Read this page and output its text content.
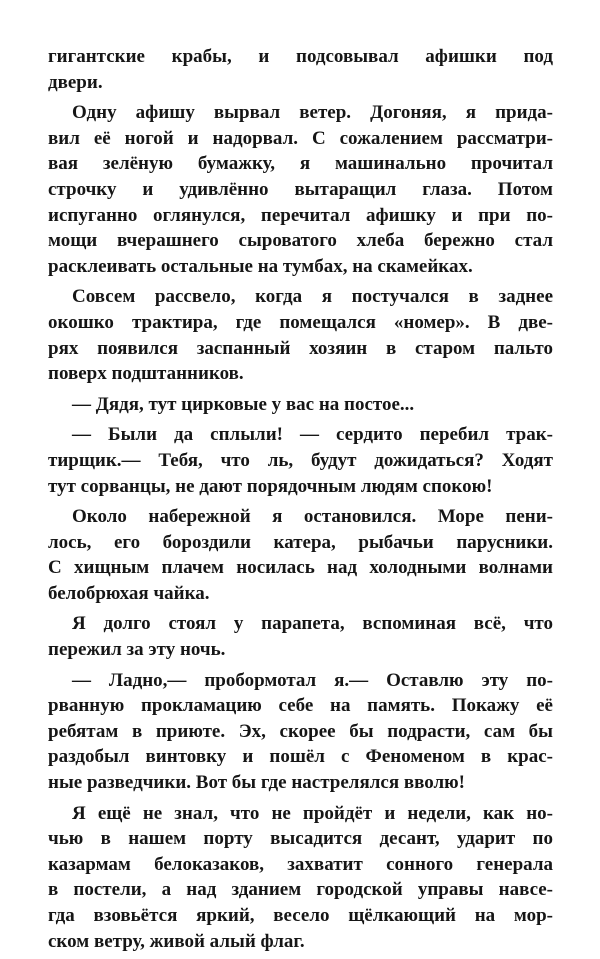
гигантские крабы, и подсовывал афишки под
двери.
Одну афишу вырвал ветер. Догоняя, я прида-
вил её ногой и надорвал. С сожалением рассматри-
вая зелёную бумажку, я машинально прочитал
строчку и удивлённо вытаращил глаза. Потом
испуганно оглянулся, перечитал афишку и при по-
мощи вчерашнего сыроватого хлеба бережно стал
расклеивать остальные на тумбах, на скамейках.
Совсем рассвело, когда я постучался в заднее
окошко трактира, где помещался «номер». В две-
рях появился заспанный хозяин в старом пальто
поверх подштанников.
— Дядя, тут цирковые у вас на постое...
— Были да сплыли! — сердито перебил трак-
тирщик.— Тебя, что ль, будут дожидаться? Ходят
тут сорванцы, не дают порядочным людям спокою!
Около набережной я остановился. Море пени-
лось, его бороздили катера, рыбачьи парусники.
С хищным плачем носилась над холодными волнами
белобрюхая чайка.
Я долго стоял у парапета, вспоминая всё, что
пережил за эту ночь.
— Ладно,— пробормотал я.— Оставлю эту по-
рванную прокламацию себе на память. Покажу её
ребятам в приюте. Эх, скорее бы подрасти, сам бы
раздобыл винтовку и пошёл с Феноменом в крас-
ные разведчики. Вот бы где настрелялся вволю!
Я ещё не знал, что не пройдёт и недели, как но-
чью в нашем порту высадится десант, ударит по
казармам белоказаков, захватит сонного генерала
в постели, а над зданием городской управы навсе-
гда взовьётся яркий, весело щёлкающий на мор-
ском ветру, живой алый флаг.
